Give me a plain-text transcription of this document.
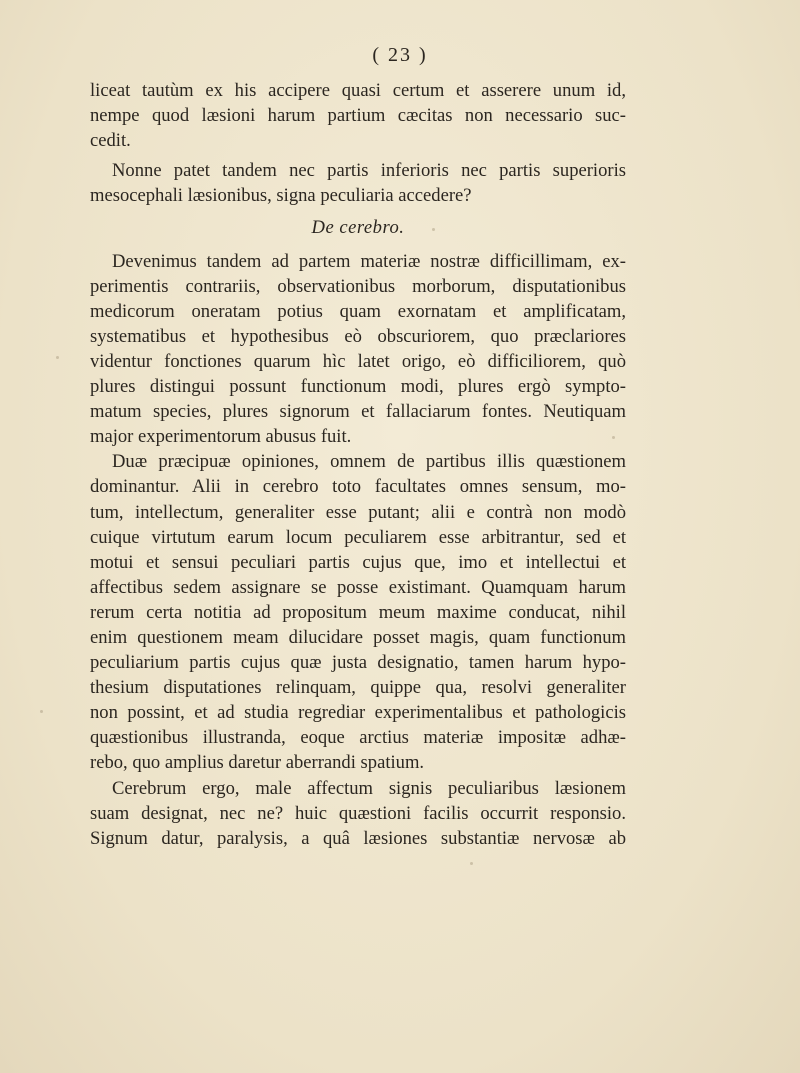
( 23 )

liceat tautùm ex his accipere quasi certum et asserere unum id,
nempe quod læsioni harum partium cæcitas non necessario suc-
cedit.

Nonne patet tandem nec partis inferioris nec partis superioris
mesocephali læsionibus, signa peculiaria accedere?

De cerebro.

Devenimus tandem ad partem materiæ nostræ difficillimam, ex-
perimentis contrariis, observationibus morborum, disputationibus
medicorum oneratam potius quam exornatam et amplificatam,
systematibus et hypothesibus eò obscuriorem, quo præclariores
videntur fonctiones quarum hìc latet origo, eò difficiliorem, quò
plures distingui possunt functionum modi, plures ergò sympto-
matum species, plures signorum et fallaciarum fontes. Neutiquam
major experimentorum abusus fuit.

Duæ præcipuæ opiniones, omnem de partibus illis quæstionem
dominantur. Alii in cerebro toto facultates omnes sensum, mo-
tum, intellectum, generaliter esse putant; alii e contrà non modò
cuique virtutum earum locum peculiarem esse arbitrantur, sed et
motui et sensui peculiari partis cujus que, imo et intellectui et
affectibus sedem assignare se posse existimant. Quamquam harum
rerum certa notitia ad propositum meum maxime conducat, nihil
enim questionem meam dilucidare posset magis, quam functionum
peculiarium partis cujus quæ justa designatio, tamen harum hypo-
thesium disputationes relinquam, quippe qua, resolvi generaliter
non possint, et ad studia regrediar experimentalibus et pathologicis
quæstionibus illustranda, eoque arctius materiæ impositæ adhæ-
rebo, quo amplius daretur aberrandi spatium.

Cerebrum ergo, male affectum signis peculiaribus læsionem
suam designat, nec ne? huic quæstioni facilis occurrit responsio.
Signum datur, paralysis, a quâ læsiones substantiæ nervosæ ab
